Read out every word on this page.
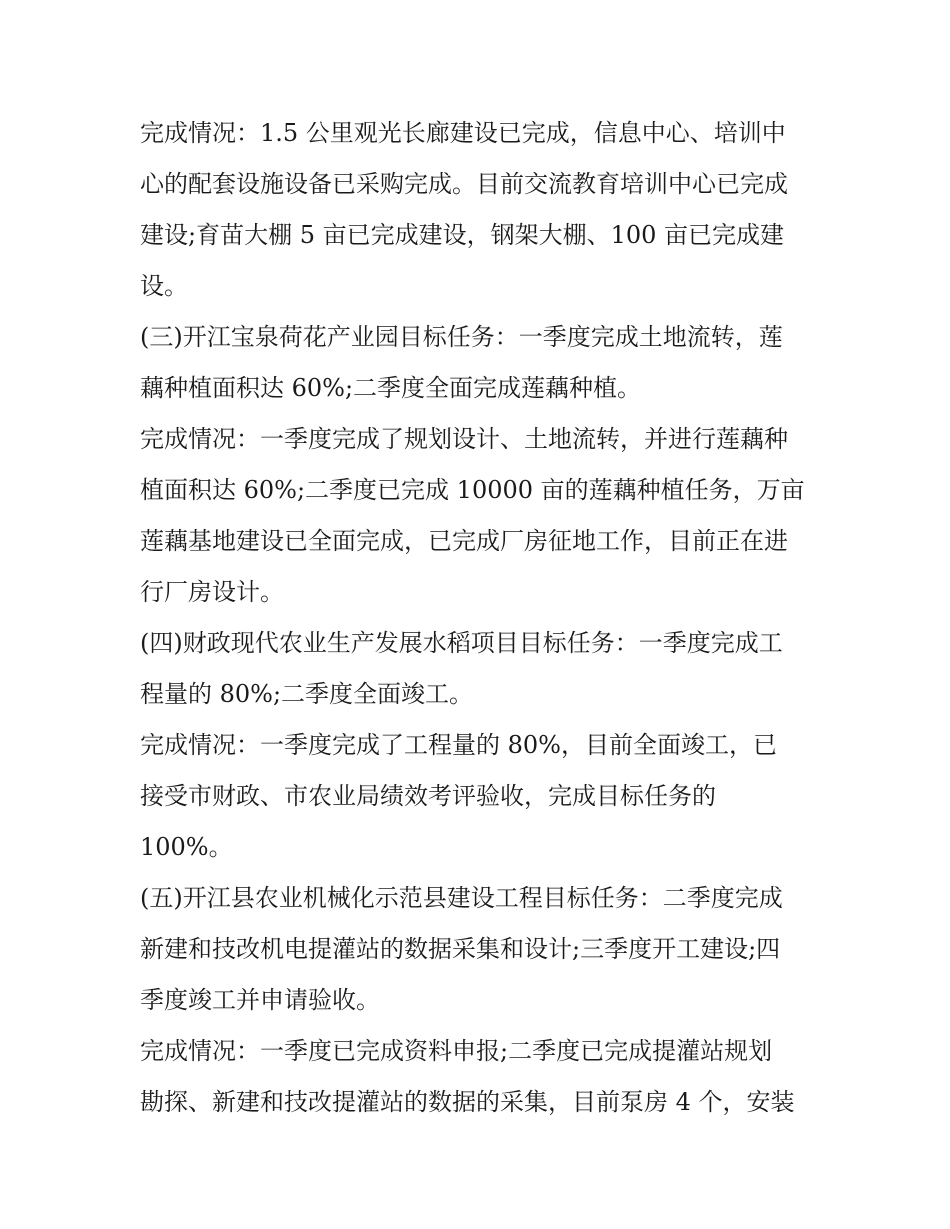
完成情况：1.5 公里观光长廊建设已完成，信息中心、培训中
心的配套设施设备已采购完成。目前交流教育培训中心已完成
建设;育苗大棚 5 亩已完成建设，钢架大棚、100 亩已完成建
设。
(三)开江宝泉荷花产业园目标任务：一季度完成土地流转，莲
藕种植面积达 60%;二季度全面完成莲藕种植。
完成情况：一季度完成了规划设计、土地流转，并进行莲藕种
植面积达 60%;二季度已完成 10000 亩的莲藕种植任务，万亩
莲藕基地建设已全面完成，已完成厂房征地工作，目前正在进
行厂房设计。
(四)财政现代农业生产发展水稻项目目标任务：一季度完成工
程量的 80%;二季度全面竣工。
完成情况：一季度完成了工程量的 80%，目前全面竣工，已
接受市财政、市农业局绩效考评验收，完成目标任务的
100%。
(五)开江县农业机械化示范县建设工程目标任务：二季度完成
新建和技改机电提灌站的数据采集和设计;三季度开工建设;四
季度竣工并申请验收。
完成情况：一季度已完成资料申报;二季度已完成提灌站规划
勘探、新建和技改提灌站的数据的采集，目前泵房 4 个，安装
